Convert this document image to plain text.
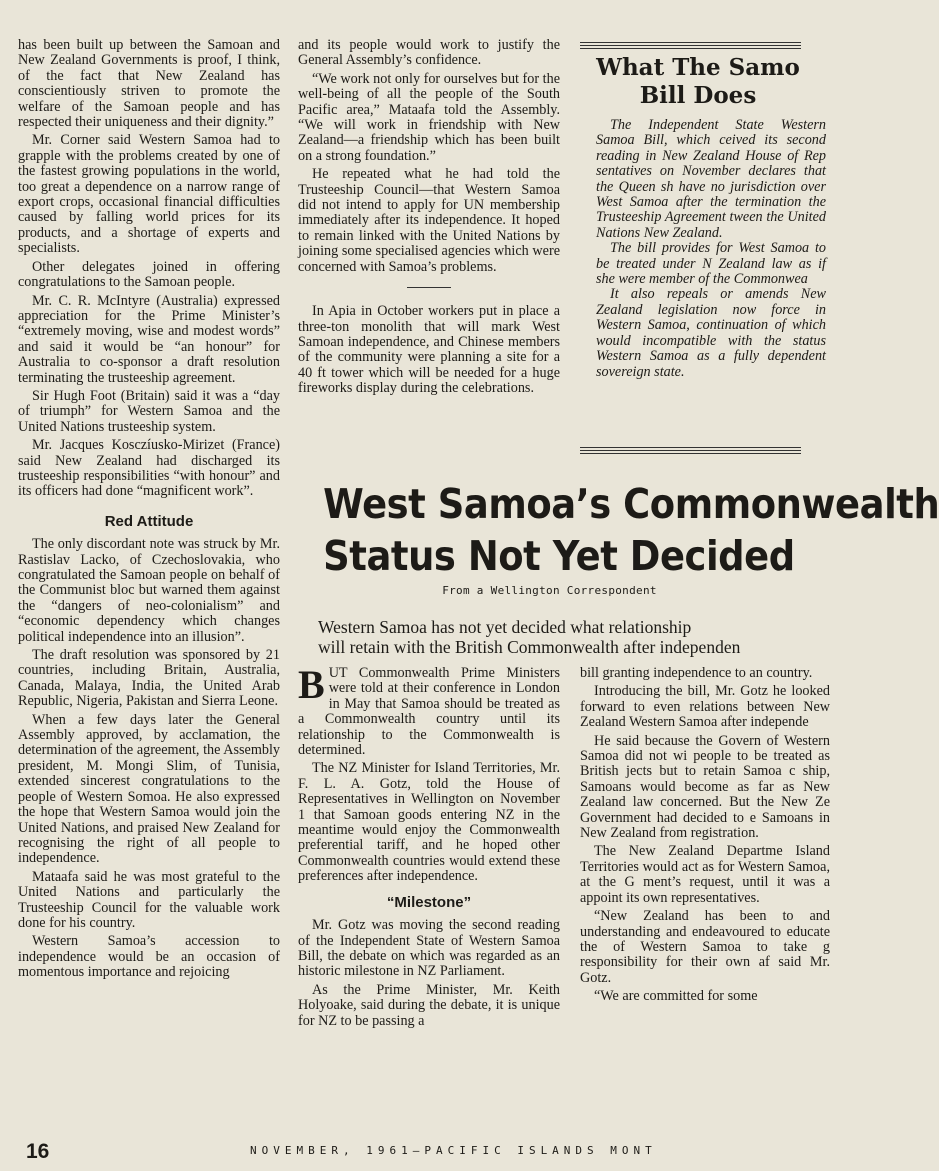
has been built up between the Samoan and New Zealand Governments is proof, I think, of the fact that New Zealand has conscientiously striven to promote the welfare of the Samoan people and has respected their uniqueness and their dignity.”

Mr. Corner said Western Samoa had to grapple with the problems created by one of the fastest growing populations in the world, too great a dependence on a narrow range of export crops, occasional financial difficulties caused by falling world prices for its products, and a shortage of experts and specialists.

Other delegates joined in offering congratulations to the Samoan people.

Mr. C. R. McIntyre (Australia) expressed appreciation for the Prime Minister’s “extremely moving, wise and modest words” and said it would be “an honour” for Australia to co-sponsor a draft resolution terminating the trusteeship agreement.

Sir Hugh Foot (Britain) said it was a “day of triumph” for Western Samoa and the United Nations trusteeship system.

Mr. Jacques Kosczíusko-Mirizet (France) said New Zealand had discharged its trusteeship responsibilities “with honour” and its officers had done “magnificent work”.

Red Attitude

The only discordant note was struck by Mr. Rastislav Lacko, of Czechoslovakia, who congratulated the Samoan people on behalf of the Communist bloc but warned them against the “dangers of neo-colonialism” and “economic dependency which changes political independence into an illusion”.

The draft resolution was sponsored by 21 countries, including Britain, Australia, Canada, Malaya, India, the United Arab Republic, Nigeria, Pakistan and Sierra Leone.

When a few days later the General Assembly approved, by acclamation, the determination of the agreement, the Assembly president, M. Mongi Slim, of Tunisia, extended sincerest congratulations to the people of Western Somoa. He also expressed the hope that Western Samoa would join the United Nations, and praised New Zealand for recognising the right of all people to independence.

Mataafa said he was most grateful to the United Nations and particularly the Trusteeship Council for the valuable work done for his country.

Western Samoa’s accession to independence would be an occasion of momentous importance and rejoicing

and its people would work to justify the General Assembly’s confidence.

“We work not only for ourselves but for the well-being of all the people of the South Pacific area,” Mataafa told the Assembly. “We will work in friendship with New Zealand—a friendship which has been built on a strong foundation.”

He repeated what he had told the Trusteeship Council—that Western Samoa did not intend to apply for UN membership immediately after its independence. It hoped to remain linked with the United Nations by joining some specialised agencies which were concerned with Samoa’s problems.

In Apia in October workers put in place a three-ton monolith that will mark West Samoan independence, and Chinese members of the community were planning a site for a 40 ft tower which will be needed for a huge fireworks display during the celebrations.

What The Samo
Bill Does

The Independent State Western Samoa Bill, which ceived its second reading in New Zealand House of Rep sentatives on November declares that the Queen sh have no jurisdiction over West Samoa after the termination the Trusteeship Agreement tween the United Nations New Zealand.

The bill provides for West Samoa to be treated under N Zealand law as if she were member of the Commonwea

It also repeals or amends New Zealand legislation now force in Western Samoa, continuation of which would incompatible with the status Western Samoa as a fully dependent sovereign state.

West Samoa’s Commonwealth
Status Not Yet Decided
From a Wellington Correspondent
Western Samoa has not yet decided what relationship
will retain with the British Commonwealth after independen

BUT Commonwealth Prime Ministers were told at their conference in London in May that Samoa should be treated as a Commonwealth country until its relationship to the Commonwealth is determined.

The NZ Minister for Island Territories, Mr. F. L. A. Gotz, told the House of Representatives in Wellington on November 1 that Samoan goods entering NZ in the meantime would enjoy the Commonwealth preferential tariff, and he hoped other Commonwealth countries would extend these preferences after independence.

“Milestone”

Mr. Gotz was moving the second reading of the Independent State of Western Samoa Bill, the debate on which was regarded as an historic milestone in NZ Parliament.

As the Prime Minister, Mr. Keith Holyoake, said during the debate, it is unique for NZ to be passing a

bill granting independence to an country.

Introducing the bill, Mr. Gotz he looked forward to even relations between New Zealand Western Samoa after independe

He said because the Govern of Western Samoa did not wi people to be treated as British jects but to retain Samoa c ship, Samoans would become as far as New Zealand law concerned. But the New Ze Government had decided to e Samoans in New Zealand from registration.

The New Zealand Departme Island Territories would act as for Western Samoa, at the G ment’s request, until it was a appoint its own representatives.

“New Zealand has been to and understanding and endeavoured to educate the of Western Samoa to take g responsibility for their own af said Mr. Gotz.

“We are committed for some

16	NOVEMBER, 1961—PACIFIC ISLANDS MONT
